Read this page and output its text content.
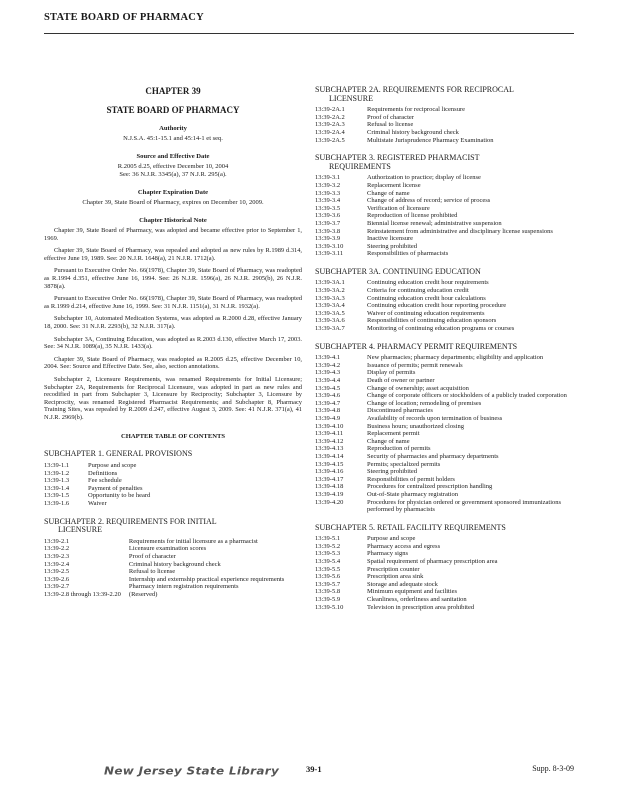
STATE BOARD OF PHARMACY
CHAPTER 39
STATE BOARD OF PHARMACY
Authority
N.J.S.A. 45:1-15.1 and 45:14-1 et seq.
Source and Effective Date
R.2005 d.25, effective December 10, 2004
See: 36 N.J.R. 3345(a), 37 N.J.R. 295(a).
Chapter Expiration Date
Chapter 39, State Board of Pharmacy, expires on December 10, 2009.
Chapter Historical Note
Chapter 39, State Board of Pharmacy, was adopted and became effective prior to September 1, 1969.
Chapter 39, State Board of Pharmacy, was repealed and adopted as new rules by R.1989 d.314, effective June 19, 1989. See: 20 N.J.R. 1648(a), 21 N.J.R. 1712(a).
Pursuant to Executive Order No. 66(1978), Chapter 39, State Board of Pharmacy, was readopted as R.1994 d.351, effective June 16, 1994. See: 26 N.J.R. 1596(a), 26 N.J.R. 2905(b), 26 N.J.R. 3878(a).
Pursuant to Executive Order No. 66(1978), Chapter 39, State Board of Pharmacy, was readopted as R.1999 d.214, effective June 16, 1999. See: 31 N.J.R. 1151(a), 31 N.J.R. 1932(a).
Subchapter 10, Automated Medication Systems, was adopted as R.2000 d.28, effective January 18, 2000. See: 31 N.J.R. 2293(b), 32 N.J.R. 317(a).
Subchapter 3A, Continuing Education, was adopted as R.2003 d.130, effective March 17, 2003. See: 34 N.J.R. 1089(a), 35 N.J.R. 1433(a).
Chapter 39, State Board of Pharmacy, was readopted as R.2005 d.25, effective December 10, 2004. See: Source and Effective Date. See, also, section annotations.
Subchapter 2, Licensure Requirements, was renamed Requirements for Initial Licensure; Subchapter 2A, Requirements for Reciprocal Licensure, was adopted in part as new rules and recodified in part from Subchapter 3, Licensure by Reciprocity; Subchapter 3, Licensure by Reciprocity, was renamed Registered Pharmacist Requirements; and Subchapter 8, Pharmacy Training Sites, was repealed by R.2009 d.247, effective August 3, 2009. See: 41 N.J.R. 371(a), 41 N.J.R. 2969(b).
CHAPTER TABLE OF CONTENTS
SUBCHAPTER 1. GENERAL PROVISIONS
13:39-1.1	Purpose and scope
13:39-1.2	Definitions
13:39-1.3	Fee schedule
13:39-1.4	Payment of penalties
13:39-1.5	Opportunity to be heard
13:39-1.6	Waiver
SUBCHAPTER 2. REQUIREMENTS FOR INITIAL
LICENSURE
13:39-2.1	Requirements for initial licensure as a pharmacist
13:39-2.2	Licensure examination scores
13:39-2.3	Proof of character
13:39-2.4	Criminal history background check
13:39-2.5	Refusal to license
13:39-2.6	Internship and externship practical experience requirements
13:39-2.7	Pharmacy intern registration requirements
13:39-2.8 through 13:39-2.20	(Reserved)
SUBCHAPTER 2A. REQUIREMENTS FOR RECIPROCAL
LICENSURE
13:39-2A.1	Requirements for reciprocal licensure
13:39-2A.2	Proof of character
13:39-2A.3	Refusal to license
13:39-2A.4	Criminal history background check
13:39-2A.5	Multistate Jurisprudence Pharmacy Examination
SUBCHAPTER 3. REGISTERED PHARMACIST
REQUIREMENTS
13:39-3.1	Authorization to practice; display of license
13:39-3.2	Replacement license
13:39-3.3	Change of name
13:39-3.4	Change of address of record; service of process
13:39-3.5	Verification of licensure
13:39-3.6	Reproduction of license prohibited
13:39-3.7	Biennial license renewal; administrative suspension
13:39-3.8	Reinstatement from administrative and disciplinary license suspensions
13:39-3.9	Inactive licensure
13:39-3.10	Steering prohibited
13:39-3.11	Responsibilities of pharmacists
SUBCHAPTER 3A. CONTINUING EDUCATION
13:39-3A.1	Continuing education credit hour requirements
13:39-3A.2	Criteria for continuing education credit
13:39-3A.3	Continuing education credit hour calculations
13:39-3A.4	Continuing education credit hour reporting procedure
13:39-3A.5	Waiver of continuing education requirements
13:39-3A.6	Responsibilities of continuing education sponsors
13:39-3A.7	Monitoring of continuing education programs or courses
SUBCHAPTER 4. PHARMACY PERMIT REQUIREMENTS
13:39-4.1	New pharmacies; pharmacy departments; eligibility and application
13:39-4.2	Issuance of permits; permit renewals
13:39-4.3	Display of permits
13:39-4.4	Death of owner or partner
13:39-4.5	Change of ownership; asset acquisition
13:39-4.6	Change of corporate officers or stockholders of a publicly traded corporation
13:39-4.7	Change of location; remodeling of premises
13:39-4.8	Discontinued pharmacies
13:39-4.9	Availability of records upon termination of business
13:39-4.10	Business hours; unauthorized closing
13:39-4.11	Replacement permit
13:39-4.12	Change of name
13:39-4.13	Reproduction of permits
13:39-4.14	Security of pharmacies and pharmacy departments
13:39-4.15	Permits; specialized permits
13:39-4.16	Steering prohibited
13:39-4.17	Responsibilities of permit holders
13:39-4.18	Procedures for centralized prescription handling
13:39-4.19	Out-of-State pharmacy registration
13:39-4.20	Procedures for physician ordered or government sponsored immunizations performed by pharmacists
SUBCHAPTER 5. RETAIL FACILITY REQUIREMENTS
13:39-5.1	Purpose and scope
13:39-5.2	Pharmacy access and egress
13:39-5.3	Pharmacy signs
13:39-5.4	Spatial requirement of pharmacy prescription area
13:39-5.5	Prescription counter
13:39-5.6	Prescription area sink
13:39-5.7	Storage and adequate stock
13:39-5.8	Minimum equipment and facilities
13:39-5.9	Cleanliness, orderliness and sanitation
13:39-5.10	Television in prescription area prohibited
New Jersey State Library	39-1	Supp. 8-3-09
